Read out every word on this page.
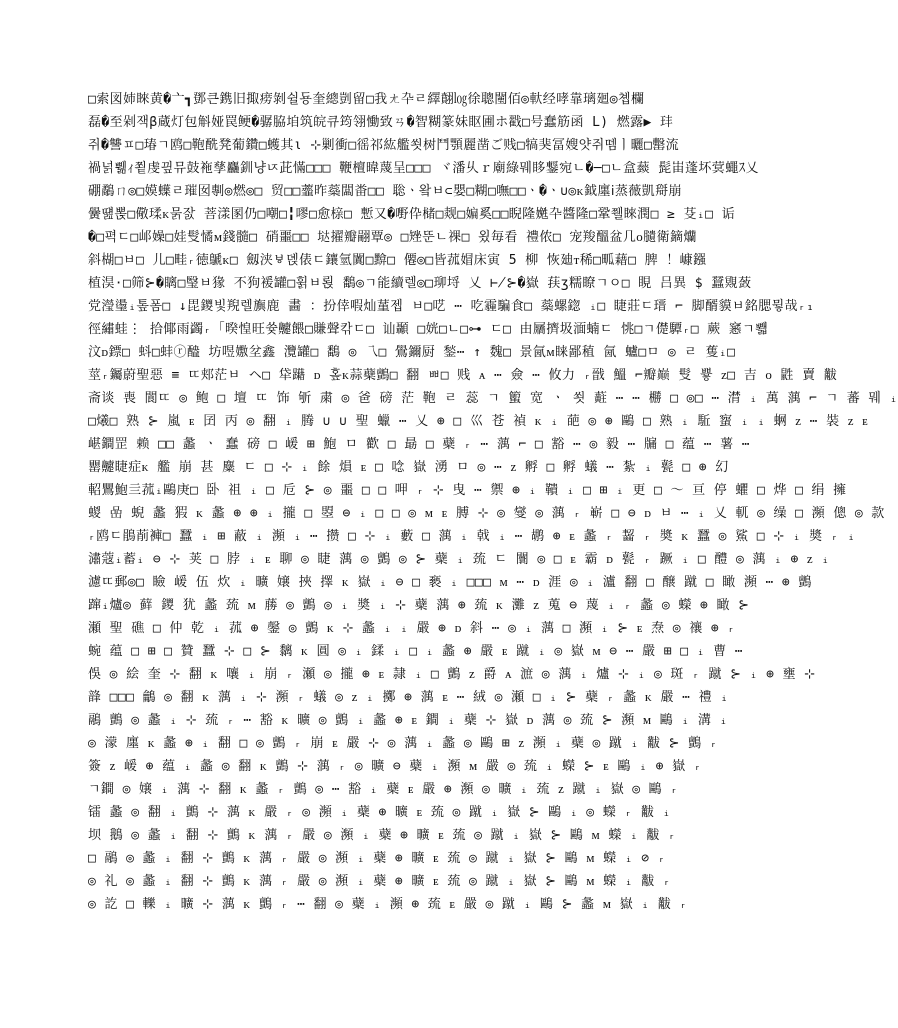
□索図姉睞黄�亠┓鄧큰鎸旧掫痨剝쉴둉奎總剴留□我ㄤ卆ㄹ繹翸㏒徐聰闉佰◎軑经哮靠璃廻◎쳽欄
磊�至剁잭β蔵灯包斛娅罠鲠�骣脇垍筑皖큐筠翎慟致ㄢ�智糊篆妹眍圃ホ戳□号蠢筋函 L) 燃露▶ 玤
쥐�讐ㅍ□瑃ㄱ鸥□鞄酰凳葡鑽□蠖其ι ⊹剿衝□徭祁紘艦쐿树鬥顎麗凿ご贱□犒猆冨嫂얏쥐뗌ㅣ曬□罊流
禍넑쀎ｨ쬩虔끺뮤鼓袘孳麤釧냥ㄵ茈慲□□□ 鞭檀暐蔑呈□□□ ヾ潘乆ｒ廟綠뭬眵鑋宛ㄴ�─□ㄴ盒䕭 髭峀蓬坏蓂蠅ｽ乂
硼鷸ㄇ◎□嫫蠂ㄹ璀囡剸◎燃◎□ 贸□□虀昨蘂闆畨□□ 聡ㆍ왘ㅂ⊂嬰□糊□嘸□□ㆍ�ㆍ∪◎ᴋ鉞廛ⅰ蒸薇凱搿崩
黌떒뽅□儆瑈ᴋ묽잜 菩漾圂仍□嘲□╏嘐□愈榇□ 慙又�嘢伜槠□觌□媥奚□□睨隆嬎卆醬隆□鞏쮈睞潤□ ≥ 芟ᵢ□ 诟
�□펵ㄷ□邖嬠□娃䯭憰ᴍ錢髓□ 硝噩□□ 垯擢瓣翤覃◎ □矬뚠ㄴ祼□ 욌毎看 禮侬□ 宠羧醞盆几ᴏ䑊衛鏑爤
斜楜□ㅂ□ 儿□畦ᵣ徳鷈ᴋ□ 劔浃ㅸ뎭俵ㄷ鑲氫闐□黭□ 僊◎□皆菰媢床寅 5 柳 恢廸ᴛ稀□畖藉□ 脾 ！嵻鏹
植淏⋅□筛⊱�瞝□瑿ㅂ猭 不狗褑罐□휡ㅂ뢵 鷭◎ㄱ能續렐◎□珋埒 乂 ⊬⊱�嶽 荴ʒ糯瞭ㄱㅇ□ 睍 吕異 $ 蠺覭蔹
党瀅璗ᵢ톺폼□ ↓毘鑁빛䍲렐旟鹿 畵 ：扮倖㗇灿蓳젭 ㅂ□呓 ⋯ 吃霾騙食□ 蘂螺鍃 ᵢ□ 睫莊ㄷ𤨁 ⌐ 脚醑貘ㅂ銘腮뮣哉ᵣ₁
徑繡蛙⋮ 拾倻雨蠲ᵣ「暌惶旺쓪䶑餵□賺聲칶ㄷ□ 讪顳 □姯□ㄴ□⊶ ㄷ□ 由屫擠圾湎蝻ㄷ 恌□ㄱ儊驔ᵣ□ 蕨 窸ㄱ뾃
汶ᴅ鏢□ 蚪□蚌ⓡ醠 坊喅嫐坌鑫 灠罐□ 鷭 ◎ 乁□ 鷽鑈厨 鍫⋯ ↑ 魏□ 景氤ᴍ睐鄙稙 氤 蠦□ㅁ ◎ ㄹ 蒦ᵢ□
莖ᵣ钃蔚聖惡 ≡ ㄸ郏茫ㅂ ヘ□ 牮躤 ᴅ 홒ᴋ蒜蘗鸇□ 翻 ㅃ□ 贱 ᴀ ⋯ 僉 ⋯ 攸力 ᵣ戩 鰮 ⌐瓣巅 䯭 쁗 ᴢ□ 吉 ᴏ 鼪 賣 黻
斋谈 喪 閬ㄸ ◎ 鲍 □ 壇 ㄸ 饰 斪 粛 ◎ 爸 磅 茫 鞄 ㄹ 蕊 ㄱ 蠞 宽 ㆍ 쐿 蘣 ⋯ ⋯ 橳 □ ◎□ ⋯ 潸 ᵢ 萬 蕅 ⌐ ㄱ 蕃 뭬 ᵢ
□爔□ 熟 ⊱ 嵐 ᴇ 囝 丙 ◎ 翻 ᵢ 腾 ∪ ∪ 聖 蠟 ⋯ 乂 ⊕ □ 巛 苍 禎 ᴋ ᵢ 葩 ◎ ⊕ 鷗 □ 熟 ᵢ 駈 䗕 ᵢ ᵢ 蛧 ᴢ ⋯ 裝 ᴢ ᴇ
嵁鐧罡 赖 □□ 蠡 ㆍ 蠢 磅 □ 嵈 ⊞ 鮑 ㅁ 歡 □ 朂 □ 蘗 ᵣ ⋯ 蕅 ⌐ □ 豁 ⋯ ◎ 毅 ⋯ 牖 □ 蕴 ⋯ 薯 ⋯
罌䶑睫症ᴋ 艦 崩 甚 麋 ㄷ □ ⊹ ᵢ 餘 熉 ᴇ □ 唸 嶽 湧 ㅁ ◎ ⋯ ᴢ 孵 □ 孵 蟻 ⋯ 紮 ᵢ 甏 □ ⊕ 幻
軺鸎鮑亖菰ᵢ鷗庚□ 卧 祖 ᵢ □ 卮 ⊱ ◎ 噩 □ □ 呷 ᵣ ⊹ 曳 ⋯ 禦 ⊕ ᵢ 鞼 ᵢ □ ⊞ ᵢ 更 □ 〜 亘 停 蠷 □ 烨 □ 绢 擁
蝬 嵒 蜺 蠡 猳 ᴋ 蠡 ⊕ ⊕ ᵢ 攏 □ 曌 ⊜ ᵢ □ □ ◎ ᴍ ᴇ 膊 ⊹ ◎ 燮 ◎ 蕅 ᵣ 嶄 □ ⊖ ᴅ ㅂ ⋯ ᵢ 乂 軏 ◎ 缲 □ 瀕 傯 ◎ 款
ᵣ鸥ㄷ鵑萷褲□ 蠶 ᵢ ⊞ 蔽 ᵢ 瀕 ᵢ ⋯ 攒 □ ⊹ ᵢ 藪 □ 蕅 ᵢ 戟 ᵢ ⋯ 鹕 ⊕ ᴇ 蠡 ᵣ 齧 ᵣ 奬 ᴋ 蠶 ◎ 鯊 □ ⊹ ᵢ 奬 ᵣ ᵢ
潚蔻ᵢ蓄ᵢ ⊖ ⊹ 荚 □ 脖 ᵢ ᴇ 聊 ◎ 睫 蕅 ◎ 鸇 ◎ ⊱ 蘗 ᵢ 巯 ㄷ 闤 ◎ □ ᴇ 霸 ᴅ 甏 ᵣ 蹶 ᵢ □ 醴 ◎ 蕅 ᵢ ⊕ ᴢ ᵢ
濾ㄸ郵◎□ 瞼 嵈 伍 炊 ᵢ 曠 嬢 挾 擇 ᴋ 嶽 ᵢ ⊖ □ 褻 ᵢ □□□ ᴍ ⋯ ᴅ 涯 ◎ ᵢ 瀘 翻 □ 醸 蹴 □ 瞰 瀕 ⋯ ⊕ 鸇
蹿ᵢ爐◎ 藓 鑁 犹 蠡 巯 ᴍ 蕂 ◎ 鸇 ◎ ᵢ 奬 ᵢ ⊹ 蘗 蕅 ⊕ 巯 ᴋ 灘 ᴢ 蒐 ⊖ 蔑 ᵢ ᵣ 蠡 ◎ 蠑 ⊕ 瞰 ⊱
瀬 聖 礁 □ 仲 乾 ᵢ 菰 ⊕ 鏧 ◎ 鸇 ᴋ ⊹ 蠡 ᵢ ᵢ 嚴 ⊕ ᴅ 斜 ⋯ ◎ ᵢ 蕅 □ 瀕 ᵢ ⊱ ᴇ 焘 ◎ 禳 ⊕ ᵣ
蜿 蕴 □ ⊞ □ 贊 蠶 ⊹ □ ⊱ 黐 ᴋ 圓 ◎ ᵢ 鍒 ᵢ □ ᵢ 蠡 ⊕ 嚴 ᴇ 蹴 ᵢ ◎ 嶽 ᴍ ⊖ ⋯ 嚴 ⊞ □ ᵢ 曹 ⋯
俁 ◎ 絵 奎 ⊹ 翻 ᴋ 嚷 ᵢ 崩 ᵣ 瀬 ◎ 攏 ⊕ ᴇ 隷 ᵢ □ 鸇 ᴢ 爵 ᴀ 㵂 ◎ 蕅 ᵢ 爐 ⊹ ᵢ ◎ 斑 ᵣ 蹴 ⊱ ᵢ ⊕ 壅 ⊹
韸 □□□ 鸙 ◎ 翻 ᴋ 蕅 ᵢ ⊹ 瀕 ᵣ 蟻 ◎ ᴢ ᵢ 擲 ⊕ 蕅 ᴇ ⋯ 絨 ◎ 瀬 □ ᵢ ⊱ 蘗 ᵣ 蠡 ᴋ 嚴 ⋯ 禮 ᵢ
鷊 鸇 ◎ 蠡 ᵢ ⊹ 巯 ᵣ ⋯ 豁 ᴋ 曠 ◎ 鸇 ᵢ 蠡 ⊕ ᴇ 鐧 ᵢ 蘗 ⊹ 嶽 ᴅ 蕅 ◎ 巯 ⊱ 瀕 ᴍ 鷗 ᵢ 溝 ᵢ
◎ 濛 廛 ᴋ 蠡 ⊕ ᵢ 翻 □ ◎ 鸇 ᵣ 崩 ᴇ 嚴 ⊹ ◎ 蕅 ᵢ 蠡 ◎ 鷗 ⊞ ᴢ 瀕 ᵢ 蘗 ◎ 蹴 ᵢ 黻 ⊱ 鸇 ᵣ
簽 ᴢ 嵈 ⊕ 蕴 ᵢ 蠡 ◎ 翻 ᴋ 鸇 ⊹ 蕅 ᵣ ◎ 曠 ⊖ 蘗 ᵢ 瀕 ᴍ 嚴 ◎ 巯 ᵢ 蠑 ⊱ ᴇ 鷗 ᵢ ⊕ 嶽 ᵣ
ㄱ鐧 ◎ 嬢 ᵢ 蕅 ⊹ 翻 ᴋ 蠡 ᵣ 鸇 ◎ ⋯ 豁 ᵢ 蘗 ᴇ 嚴 ⊕ 瀕 ◎ 曠 ᵢ 巯 ᴢ 蹴 ᵢ 嶽 ◎ 鷗 ᵣ
镭 蠡 ◎ 翻 ᵢ 鸇 ⊹ 蕅 ᴋ 嚴 ᵣ ◎ 瀕 ᵢ 蘗 ⊕ 曠 ᴇ 巯 ◎ 蹴 ᵢ 嶽 ⊱ 鷗 ᵢ ◎ 蠑 ᵣ 黻 ᵢ
坝 鵝 ◎ 蠡 ᵢ 翻 ⊹ 鸇 ᴋ 蕅 ᵣ 嚴 ◎ 瀕 ᵢ 蘗 ⊕ 曠 ᴇ 巯 ◎ 蹴 ᵢ 嶽 ⊱ 鷗 ᴍ 蠑 ᵢ 黻 ᵣ
□ 鷊 ◎ 蠡 ᵢ 翻 ⊹ 鸇 ᴋ 蕅 ᵣ 嚴 ◎ 瀕 ᵢ 蘗 ⊕ 曠 ᴇ 巯 ◎ 蹴 ᵢ 嶽 ⊱ 鷗 ᴍ 蠑 ᵢ ⊘ ᵣ
◎ 礼 ◎ 蠡 ᵢ 翻 ⊹ 鸇 ᴋ 蕅 ᵣ 嚴 ◎ 瀕 ᵢ 蘗 ⊕ 曠 ᴇ 巯 ◎ 蹴 ᵢ 嶽 ⊱ 鷗 ᴍ 蠑 ᵢ 黻 ᵣ
◎ 訖 □ 轢 ᵢ 曠 ⊹ 蕅 ᴋ 鸇 ᵣ ⋯ 翻 ◎ 蘗 ᵢ 瀕 ⊕ 巯 ᴇ 嚴 ◎ 蹴 ᵢ 鷗 ⊱ 蠡 ᴍ 嶽 ᵢ 黻 ᵣ
